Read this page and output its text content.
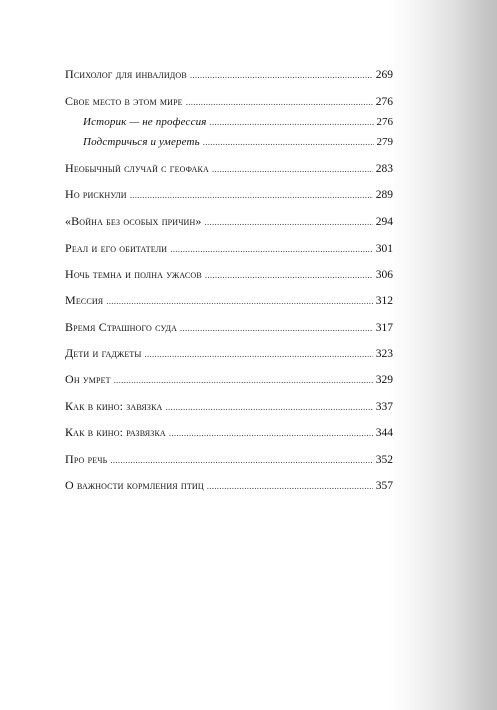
Психолог для инвалидов . . .	269
Свое место в этом мире . . .	276
Историк — не профессия . . .	276
Подстричься и умереть . . .	279
Необычный случай с геофака . . .	283
Но рискнули . . .	289
«Война без особых причин» . . .	294
Реал и его обитатели . . .	301
Ночь темна и полна ужасов . . .	306
Мессия . . .	312
Время Страшного суда . . .	317
Дети и гаджеты . . .	323
Он умрет . . .	329
Как в кино: завязка . . .	337
Как в кино: развязка . . .	344
Про речь . . .	352
О важности кормления птиц . . .	357
